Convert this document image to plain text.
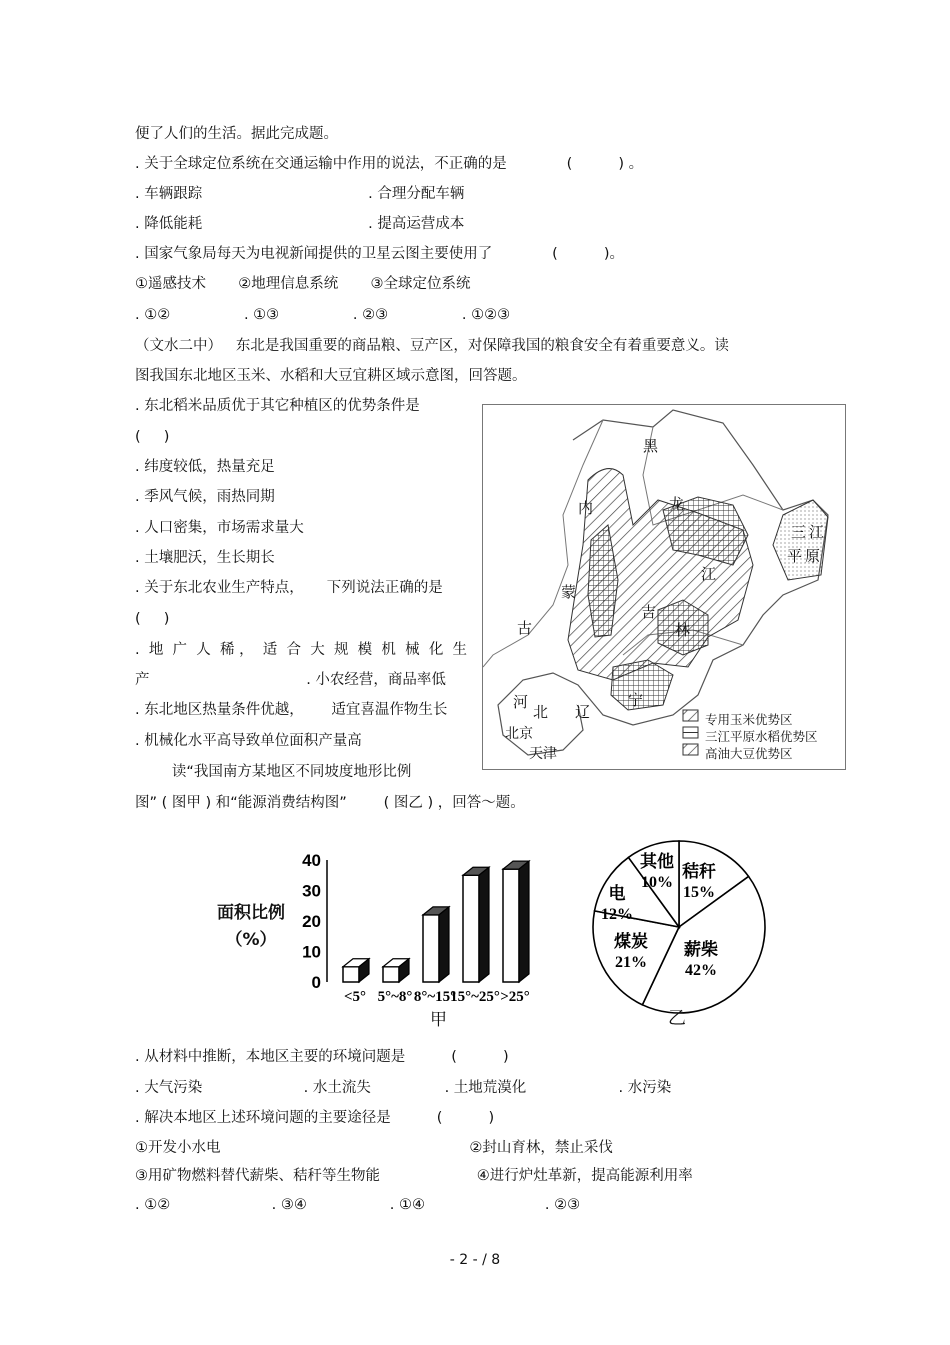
便了人们的生活。据此完成题。
. 关于全球定位系统在交通运输中作用的说法，不正确的是             (          ) 。
. 车辆跟踪                                    . 合理分配车辆
. 降低能耗                                    . 提高运营成本
. 国家气象局每天为电视新闻提供的卫星云图主要使用了             (          )。
①遥感技术       ②地理信息系统       ③全球定位系统
. ①②                . ①③                . ②③                . ①②③
（文水二中）   东北是我国重要的商品粮、豆产区，对保障我国的粮食安全有着重要意义。读
图我国东北地区玉米、水稻和大豆宜耕区域示意图，回答题。
. 东北稻米品质优于其它种植区的优势条件是
(     )
. 纬度较低，热量充足
. 季风气候，雨热同期
. 人口密集，市场需求量大
. 土壤肥沃，生长期长
. 关于东北农业生产特点，     下列说法正确的是
(     )
.  地  广  人  稀 ，  适  合  大  规  模  机  械  化  生
产                                  . 小农经营，商品率低
. 东北地区热量条件优越，      适宜喜温作物生长
. 机械化水平高导致单位面积产量高
读“我国南方某地区不同坡度地形比例
图” ( 图甲 ) 和“能源消费结构图”        ( 图乙 ) ，回答～题。
黑
龙
江
内
蒙
古
吉
林
三 江
平 原
河
北 辽
宁
北京
天津
专用玉米优势区
三江平原水稻优势区
高油大豆优势区
0
10
20
30
40
<5° 5°~8° 8°~15°
15°~25° >25°
面积比例
（%）
甲
秸秆
15%
薪柴
42%
煤炭
21%
电
12%
其他
10%
乙
. 从材料中推断，本地区主要的环境问题是          (          )
. 大气污染                      . 水土流失                . 土地荒漠化                    . 水污染
. 解决本地区上述环境问题的主要途径是          (          )
①开发小水电                                                      ②封山育林，禁止采伐
③用矿物燃料替代薪柴、秸秆等生物能                     ④进行炉灶革新，提高能源利用率
. ①②                      . ③④                  . ①④                          . ②③
- 2 - / 8
